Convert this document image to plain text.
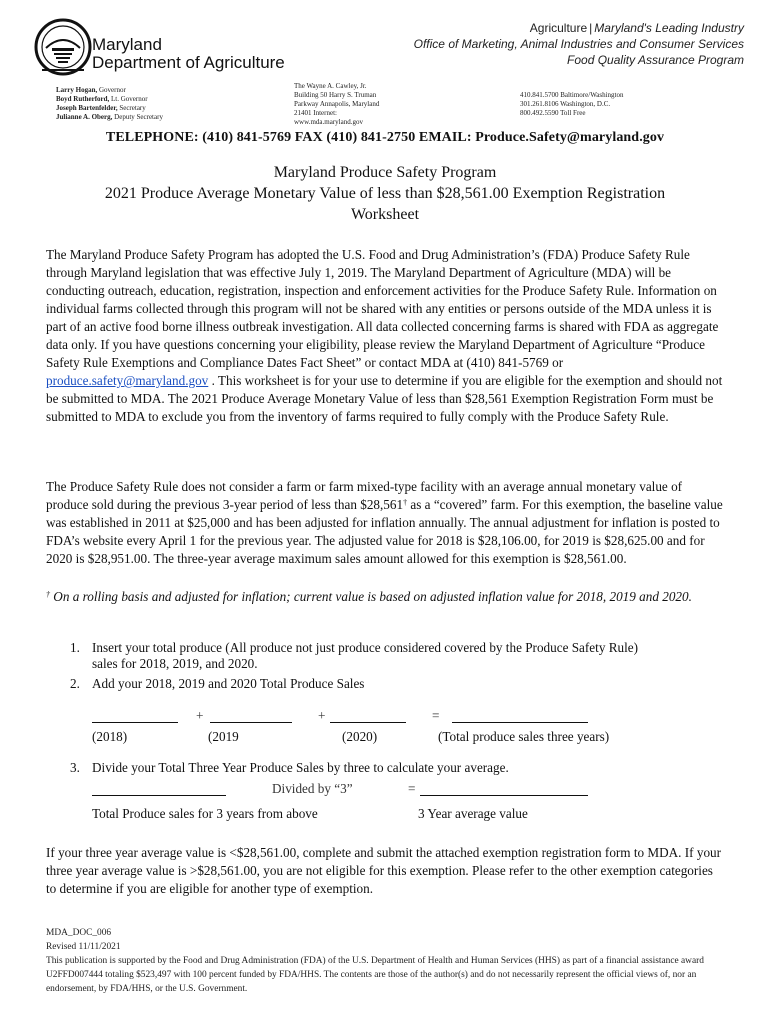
Maryland
Department of Agriculture
Agriculture | Maryland's Leading Industry
Office of Marketing, Animal Industries and Consumer Services
Food Quality Assurance Program
Larry Hogan, Governor
Boyd Rutherford, Lt. Governor
Joseph Bartenfelder, Secretary
Julianne A. Oberg, Deputy Secretary
The Wayne A. Cawley, Jr.
Building 50 Harry S. Truman
Parkway Annapolis, Maryland
21401 Internet:
www.mda.maryland.gov
410.841.5700 Baltimore/Washington
301.261.8106 Washington, D.C.
800.492.5590 Toll Free
TELEPHONE: (410) 841-5769 FAX (410) 841-2750 EMAIL: Produce.Safety@maryland.gov
Maryland Produce Safety Program
2021 Produce Average Monetary Value of less than $28,561.00 Exemption Registration
Worksheet
The Maryland Produce Safety Program has adopted the U.S. Food and Drug Administration’s (FDA) Produce Safety Rule through Maryland legislation that was effective July 1, 2019. The Maryland Department of Agriculture (MDA) will be conducting outreach, education, registration, inspection and enforcement activities for the Produce Safety Rule. Information on individual farms collected through this program will not be shared with any entities or persons outside of the MDA unless it is part of an active food borne illness outbreak investigation. All data collected concerning farms is shared with FDA as aggregate data only. If you have questions concerning your eligibility, please review the Maryland Department of Agriculture “Produce Safety Rule Exemptions and Compliance Dates Fact Sheet” or contact MDA at (410) 841-5769 or
produce.safety@maryland.gov . This worksheet is for your use to determine if you are eligible for the exemption and should not be submitted to MDA. The 2021 Produce Average Monetary Value of less than $28,561 Exemption Registration Form must be submitted to MDA to exclude you from the inventory of farms required to fully comply with the Produce Safety Rule.
The Produce Safety Rule does not consider a farm or farm mixed-type facility with an average annual monetary value of produce sold during the previous 3-year period of less than $28,561† as a “covered” farm. For this exemption, the baseline value was established in 2011 at $25,000 and has been adjusted for inflation annually. The annual adjustment for inflation is posted to FDA’s website every April 1 for the previous year. The adjusted value for 2018 is $28,106.00, for 2019 is $28,625.00 and for 2020 is $28,951.00. The three-year average maximum sales amount allowed for this exemption is $28,561.00.
† On a rolling basis and adjusted for inflation; current value is based on adjusted inflation value for 2018, 2019 and 2020.
1. Insert your total produce (All produce not just produce considered covered by the Produce Safety Rule)
sales for 2018, 2019, and 2020.
2. Add your 2018, 2019 and 2020 Total Produce Sales
+	+	=
(2018)	(2019	(2020)	(Total produce sales three years)
3. Divide your Total Three Year Produce Sales by three to calculate your average.
Divided by “3”	=
Total Produce sales for 3 years from above	3 Year average value
If your three year average value is <$28,561.00, complete and submit the attached exemption registration form to MDA. If your three year average value is >$28,561.00, you are not eligible for this exemption. Please refer to the other exemption categories to determine if you are eligible for another type of exemption.
MDA_DOC_006
Revised 11/11/2021
This publication is supported by the Food and Drug Administration (FDA) of the U.S. Department of Health and Human Services (HHS) as part of a financial assistance award U2FFD007444 totaling $523,497 with 100 percent funded by FDA/HHS. The contents are those of the author(s) and do not necessarily represent the official views of, nor an endorsement, by FDA/HHS, or the U.S. Government.
